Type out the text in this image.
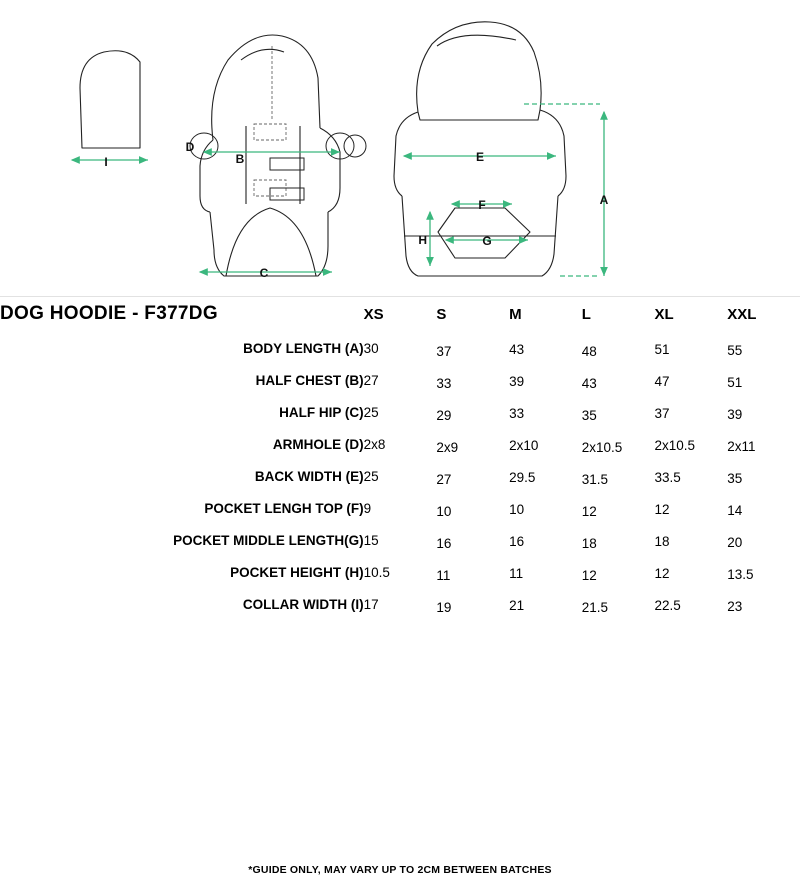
I	B
C
D
E
F
G
H
A
DOG HOODIE - F377DG	XS	S	M	L	XL	XXL
BODY LENGTH (A)	30	37	43	48	51	55
HALF CHEST (B)	27	33	39	43	47	51
HALF HIP (C)	25	29	33	35	37	39
ARMHOLE (D)	2x8	2x9	2x10	2x10.5	2x10.5	2x11
BACK WIDTH (E)	25	27	29.5	31.5	33.5	35
POCKET LENGH TOP (F)	9	10	10	12	12	14
POCKET MIDDLE LENGTH(G)	15	16	16	18	18	20
POCKET HEIGHT (H)	10.5	11	11	12	12	13.5
COLLAR WIDTH (I)	17	19	21	21.5	22.5	23
*GUIDE ONLY, MAY VARY UP TO 2CM BETWEEN BATCHES
